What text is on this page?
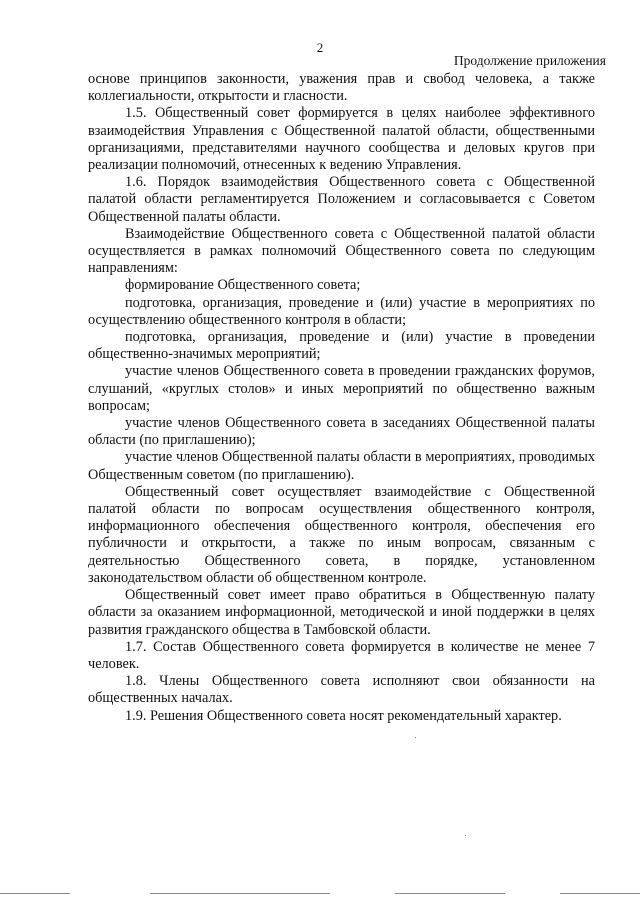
2
Продолжение приложения

основе принципов законности, уважения прав и свобод человека, а также коллегиальности, открытости и гласности.

1.5. Общественный совет формируется в целях наиболее эффективного взаимодействия Управления с Общественной палатой области, общественными организациями, представителями научного сообщества и деловых кругов при реализации полномочий, отнесенных к ведению Управления.

1.6. Порядок взаимодействия Общественного совета с Общественной палатой области регламентируется Положением и согласовывается с Советом Общественной палаты области.

Взаимодействие Общественного совета с Общественной палатой области осуществляется в рамках полномочий Общественного совета по следующим направлениям:

формирование Общественного совета;

подготовка, организация, проведение и (или) участие в мероприятиях по осуществлению общественного контроля в области;

подготовка, организация, проведение и (или) участие в проведении общественно-значимых мероприятий;

участие членов Общественного совета в проведении гражданских форумов, слушаний, «круглых столов» и иных мероприятий по общественно важным вопросам;

участие членов Общественного совета в заседаниях Общественной палаты области (по приглашению);

участие членов Общественной палаты области в мероприятиях, проводимых Общественным советом (по приглашению).

Общественный совет осуществляет взаимодействие с Общественной палатой области по вопросам осуществления общественного контроля, информационного обеспечения общественного контроля, обеспечения его публичности и открытости, а также по иным вопросам, связанным с деятельностью Общественного совета, в порядке, установленном законодательством области об общественном контроле.

Общественный совет имеет право обратиться в Общественную палату области за оказанием информационной, методической и иной поддержки в целях развития гражданского общества в Тамбовской области.

1.7. Состав Общественного совета формируется в количестве не менее 7 человек.

1.8. Члены Общественного совета исполняют свои обязанности на общественных началах.

1.9. Решения Общественного совета носят рекомендательный характер.
